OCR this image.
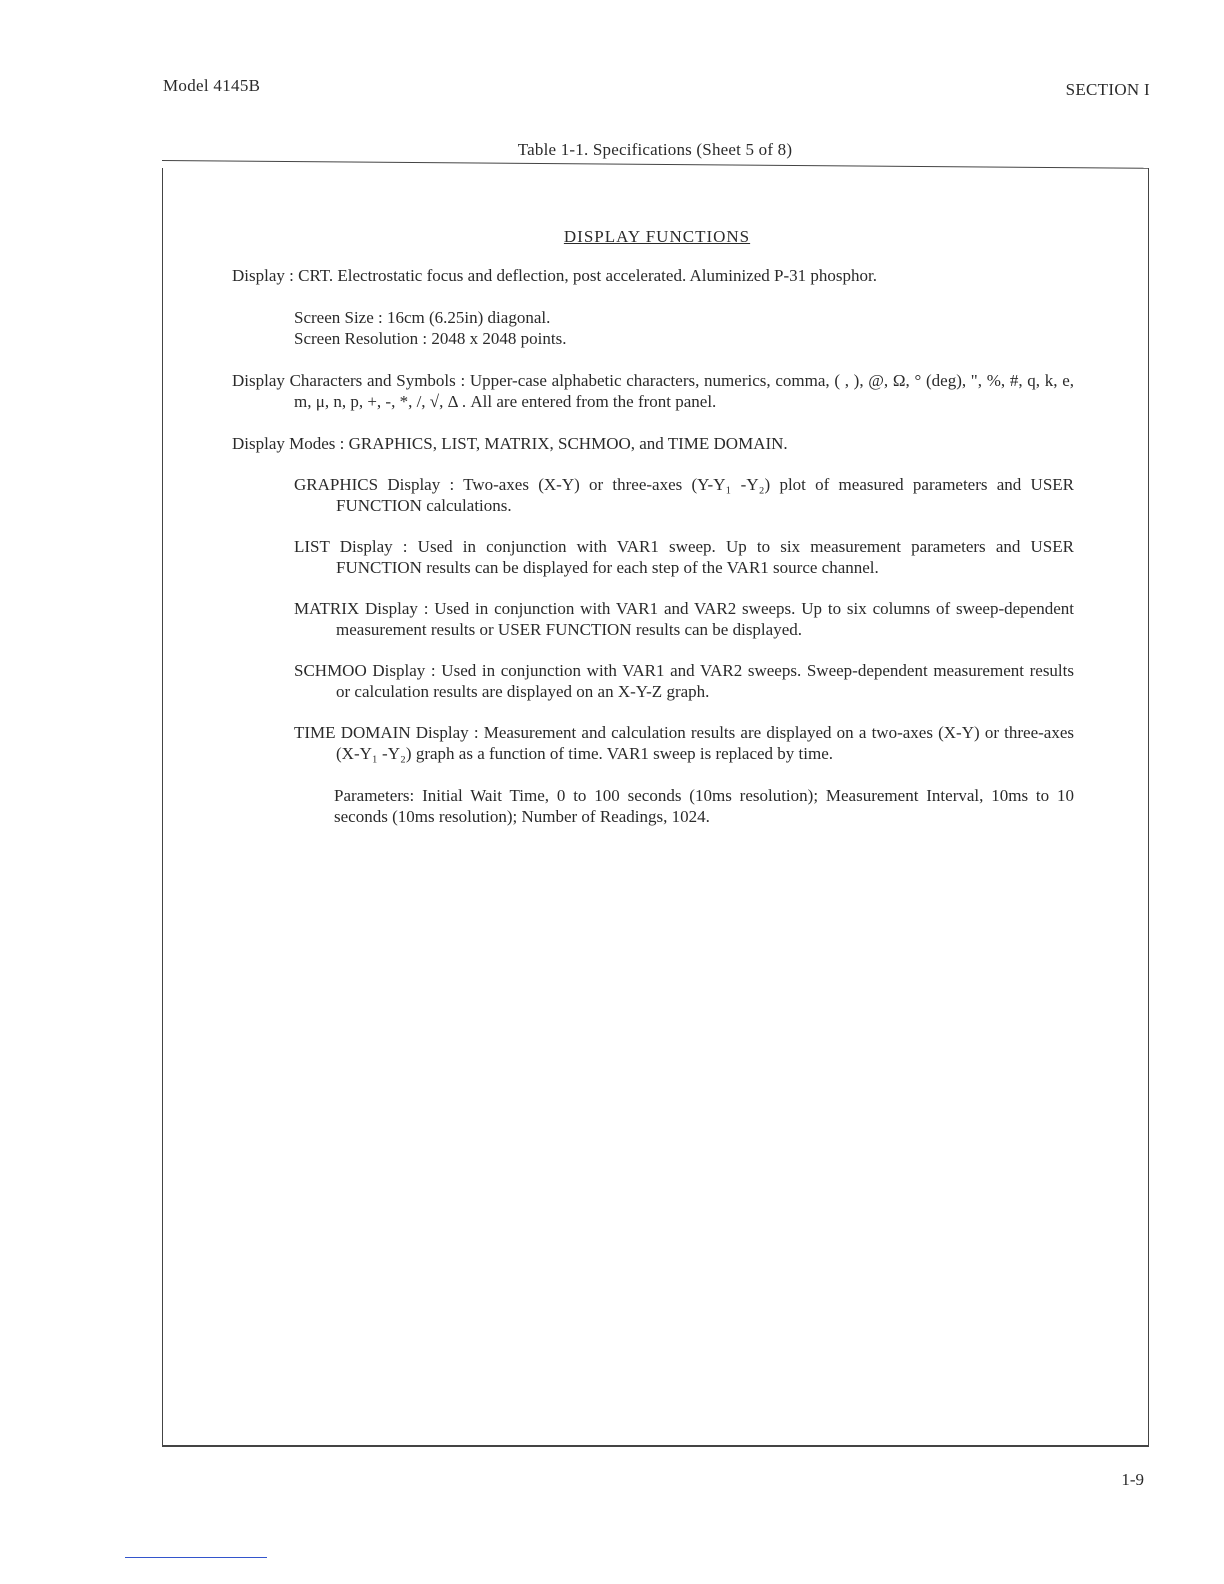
Model 4145B	SECTION I
Table 1-1. Specifications (Sheet 5 of 8)
DISPLAY FUNCTIONS

Display : CRT. Electrostatic focus and deflection, post accelerated. Aluminized P-31 phosphor.

Screen Size : 16cm (6.25in) diagonal.

Screen Resolution : 2048 x 2048 points.

Display Characters and Symbols : Upper-case alphabetic characters, numerics, comma, ( , ), @, Ω, ° (deg), ", %, #, q, k, e, m, μ, n, p, +, -, *, /, √, Δ . All are entered from the front panel.

Display Modes : GRAPHICS, LIST, MATRIX, SCHMOO, and TIME DOMAIN.

GRAPHICS Display : Two-axes (X-Y) or three-axes (Y-Y₁ -Y₂) plot of measured parameters and USER FUNCTION calculations.

LIST Display : Used in conjunction with VAR1 sweep. Up to six measurement parameters and USER FUNCTION results can be displayed for each step of the VAR1 source channel.

MATRIX Display : Used in conjunction with VAR1 and VAR2 sweeps. Up to six columns of sweep-dependent measurement results or USER FUNCTION results can be displayed.

SCHMOO Display : Used in conjunction with VAR1 and VAR2 sweeps. Sweep-dependent measurement results or calculation results are displayed on an X-Y-Z graph.

TIME DOMAIN Display : Measurement and calculation results are displayed on a two-axes (X-Y) or three-axes (X-Y₁ -Y₂) graph as a function of time. VAR1 sweep is replaced by time.

Parameters: Initial Wait Time, 0 to 100 seconds (10ms resolution); Measurement Interval, 10ms to 10 seconds (10ms resolution); Number of Readings, 1024.

1-9
